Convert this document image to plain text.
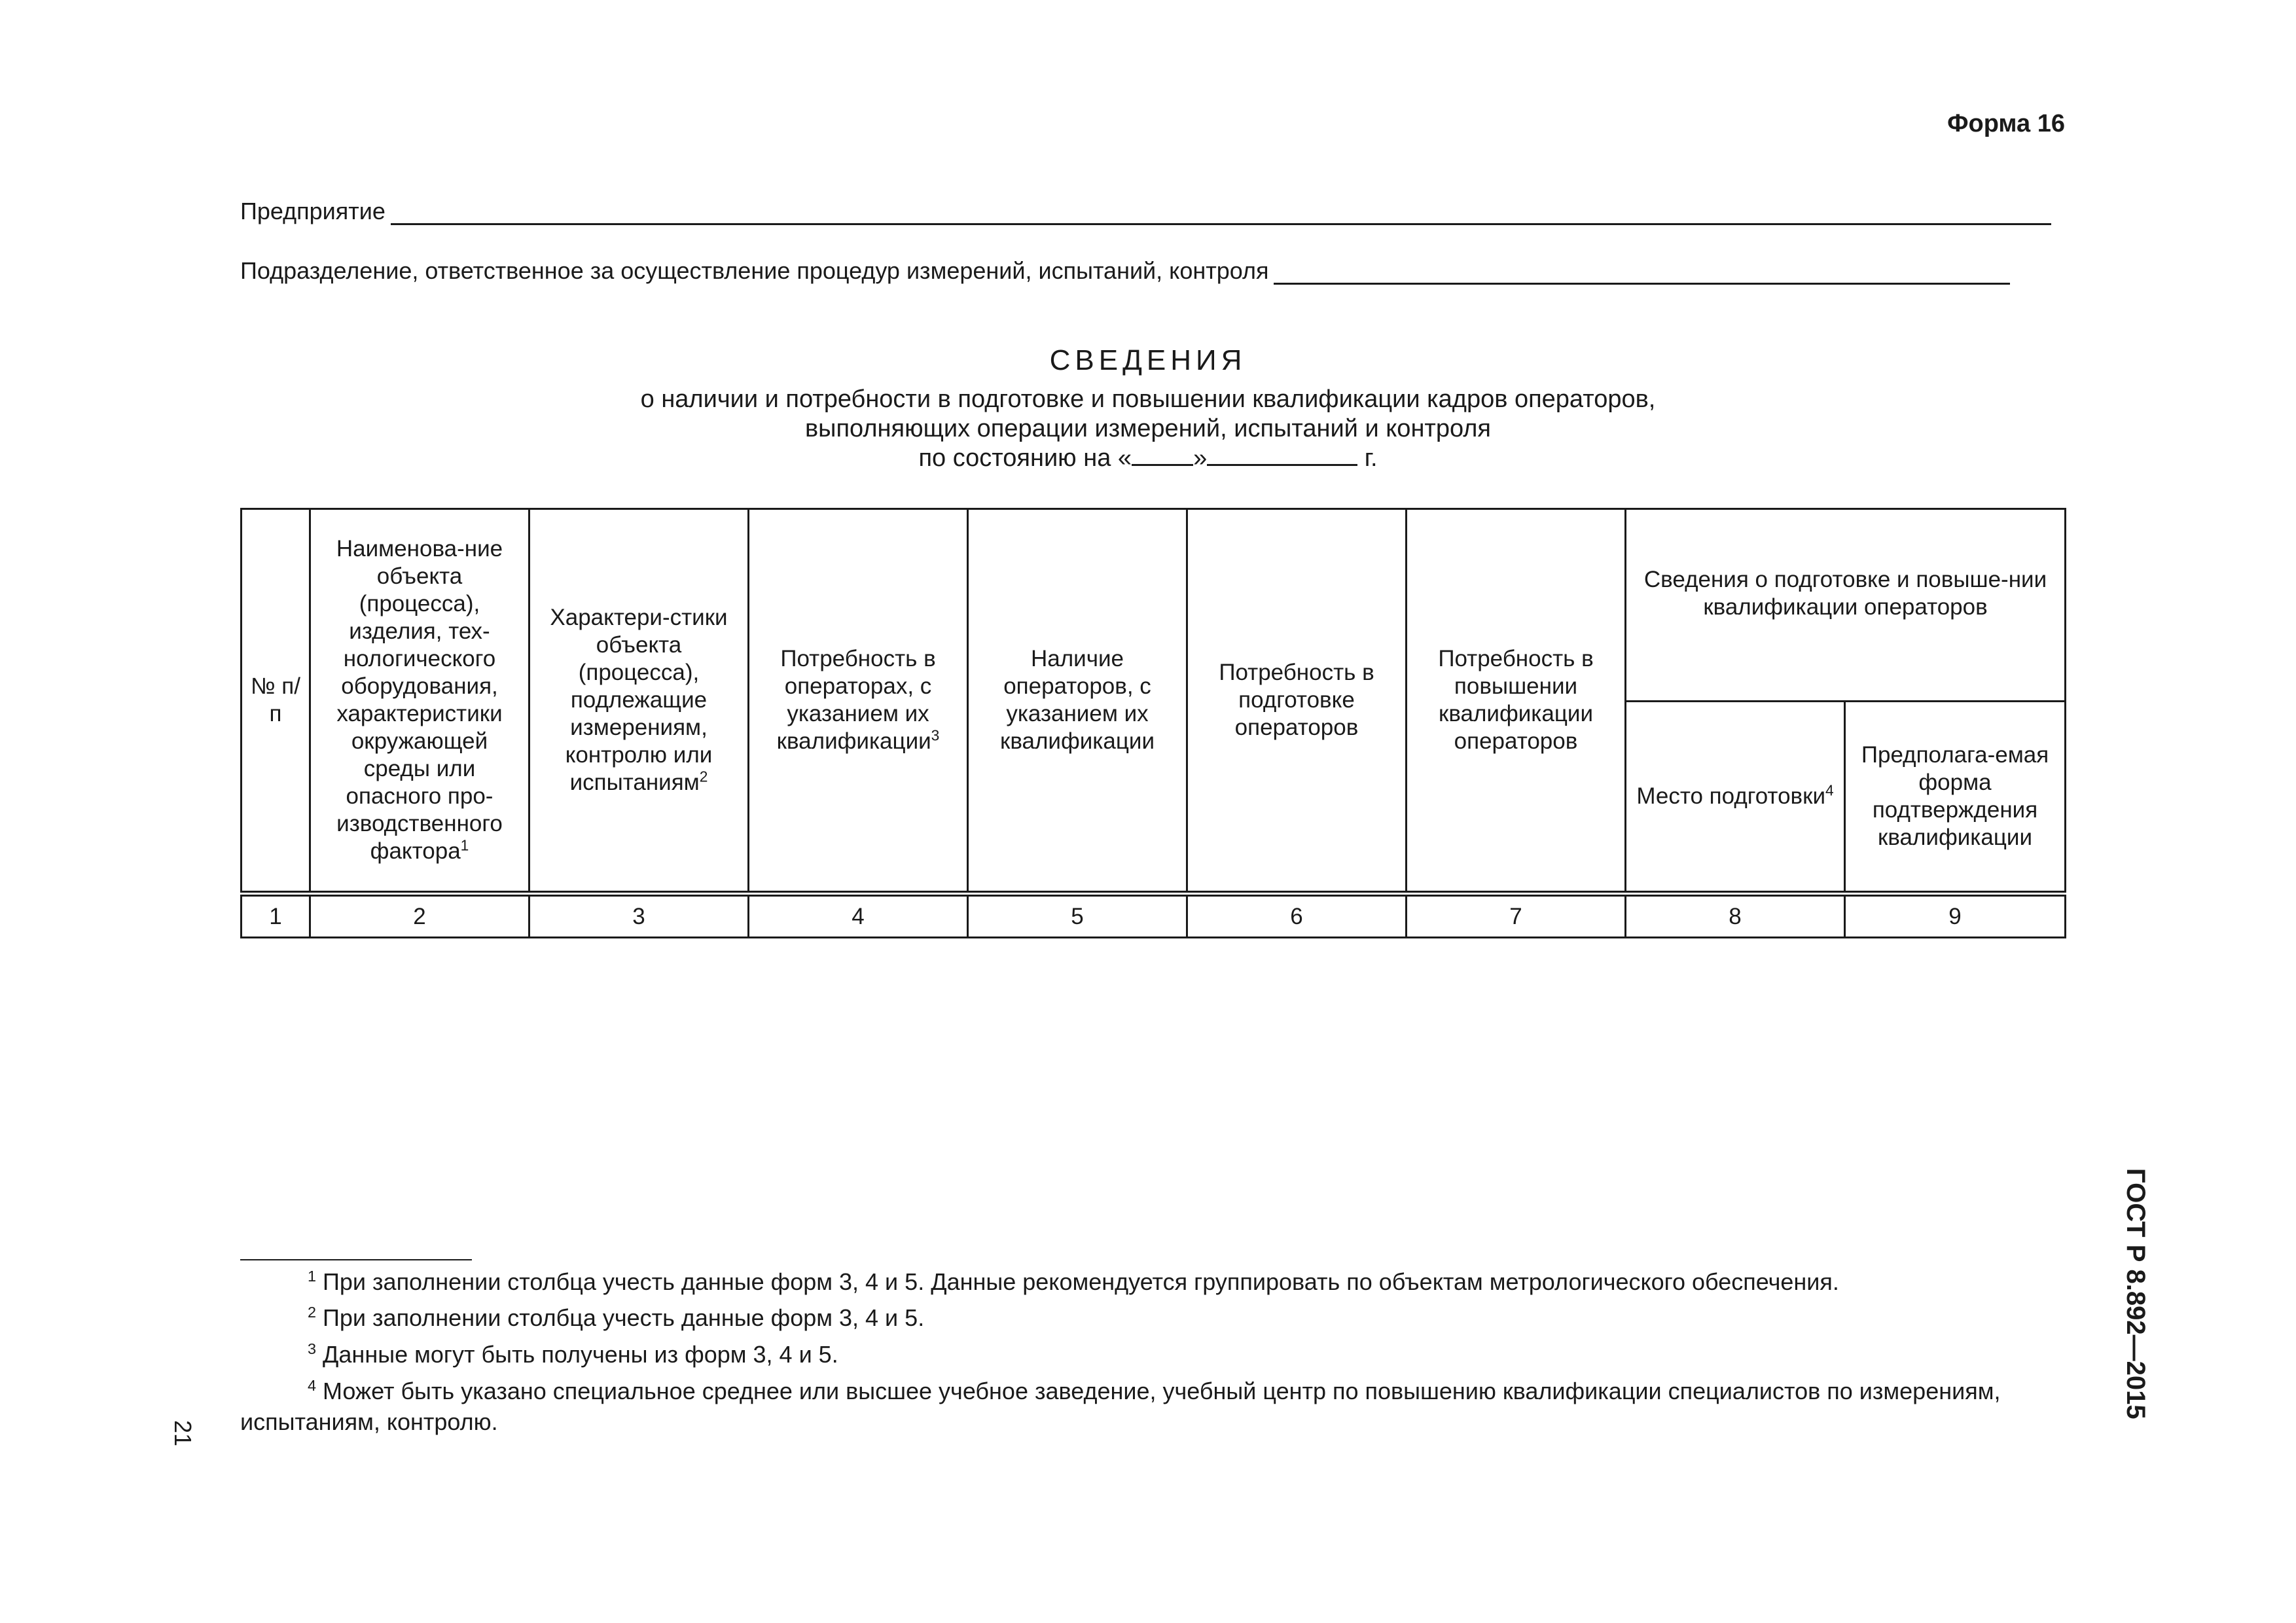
Форма 16
Предприятие
Подразделение, ответственное за осуществление процедур измерений, испытаний, контроля
СВЕДЕНИЯ
о наличии и потребности в подготовке и повышении квалификации кадров операторов,
выполняющих операции измерений, испытаний и контроля
по состоянию на « »	г.
№ п/п	Наименова-ние объекта (процесса), изделия, тех-нологического оборудования, характеристики окружающей среды или опасного про-изводственного фактора$^1$	Характери-стики объекта (процесса), подлежащие измерениям, контролю или испытаниям$^2$	Потребность в операторах, с указанием их квалификации$^3$	Наличие операторов, с указанием их квалификации	Потребность в подготовке операторов	Потребность в повышении квалификации операторов	Сведения о подготовке и повыше-нии квалификации операторов	
							Место подготовки$^4$	Предполага-емая форма подтверждения квалификации
1	2	3	4	5	6	7	8	9
$^1$ При заполнении столбца учесть данные форм 3, 4 и 5. Данные рекомендуется группировать по объектам метрологического обеспечения.
$^2$ При заполнении столбца учесть данные форм 3, 4 и 5.
$^3$ Данные могут быть получены из форм 3, 4 и 5.
$^4$ Может быть указано специальное среднее или высшее учебное заведение, учебный центр по повышению квалификации специалистов по измерениям,
испытаниям, контролю.
21
ГОСТ Р 8.892—2015
